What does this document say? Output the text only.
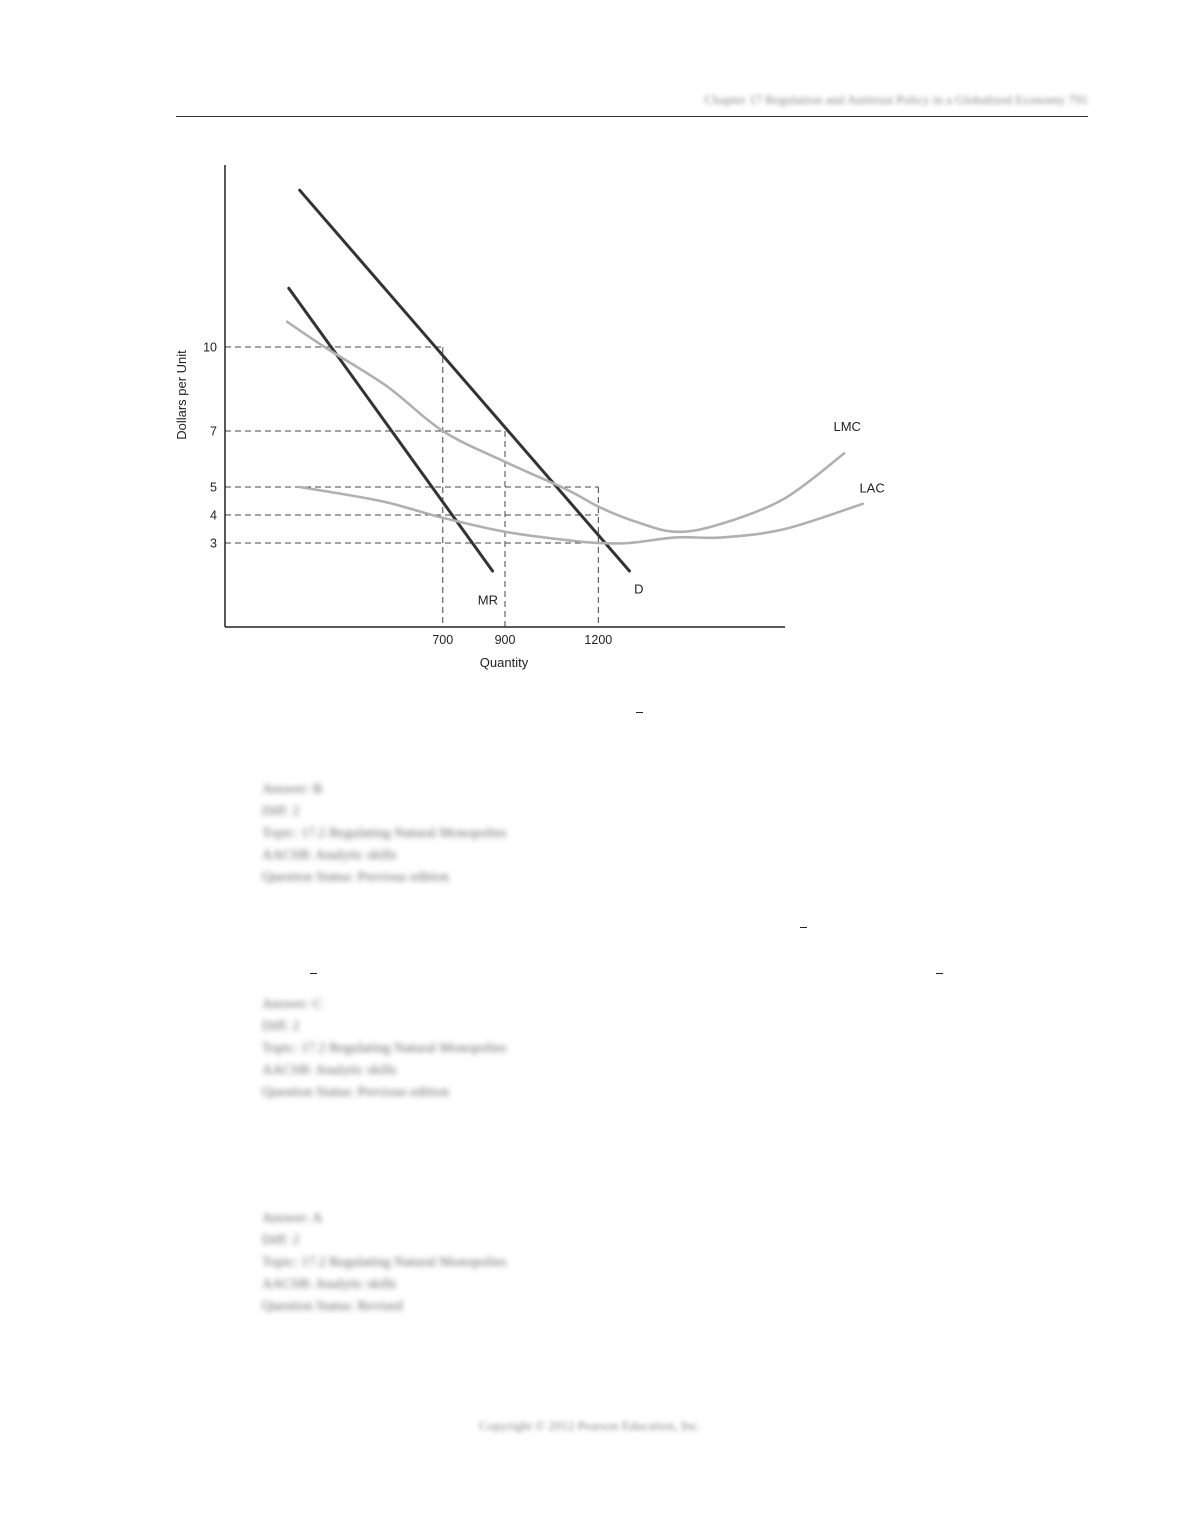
Chapter 17 Regulation and Antitrust Policy in a Globalized Economy 791
3
4
5
7
10
700	900	1200
LMC
LAC
D
MR
Quantity
Dollars per Unit
Answer: B
Diff: 2
Topic: 17.2 Regulating Natural Monopolies
AACSB: Analytic skills
Question Status: Previous edition
Answer: C
Diff: 2
Topic: 17.2 Regulating Natural Monopolies
AACSB: Analytic skills
Question Status: Previous edition
Answer: A
Diff: 2
Topic: 17.2 Regulating Natural Monopolies
AACSB: Analytic skills
Question Status: Revised
Copyright © 2012 Pearson Education, Inc.
